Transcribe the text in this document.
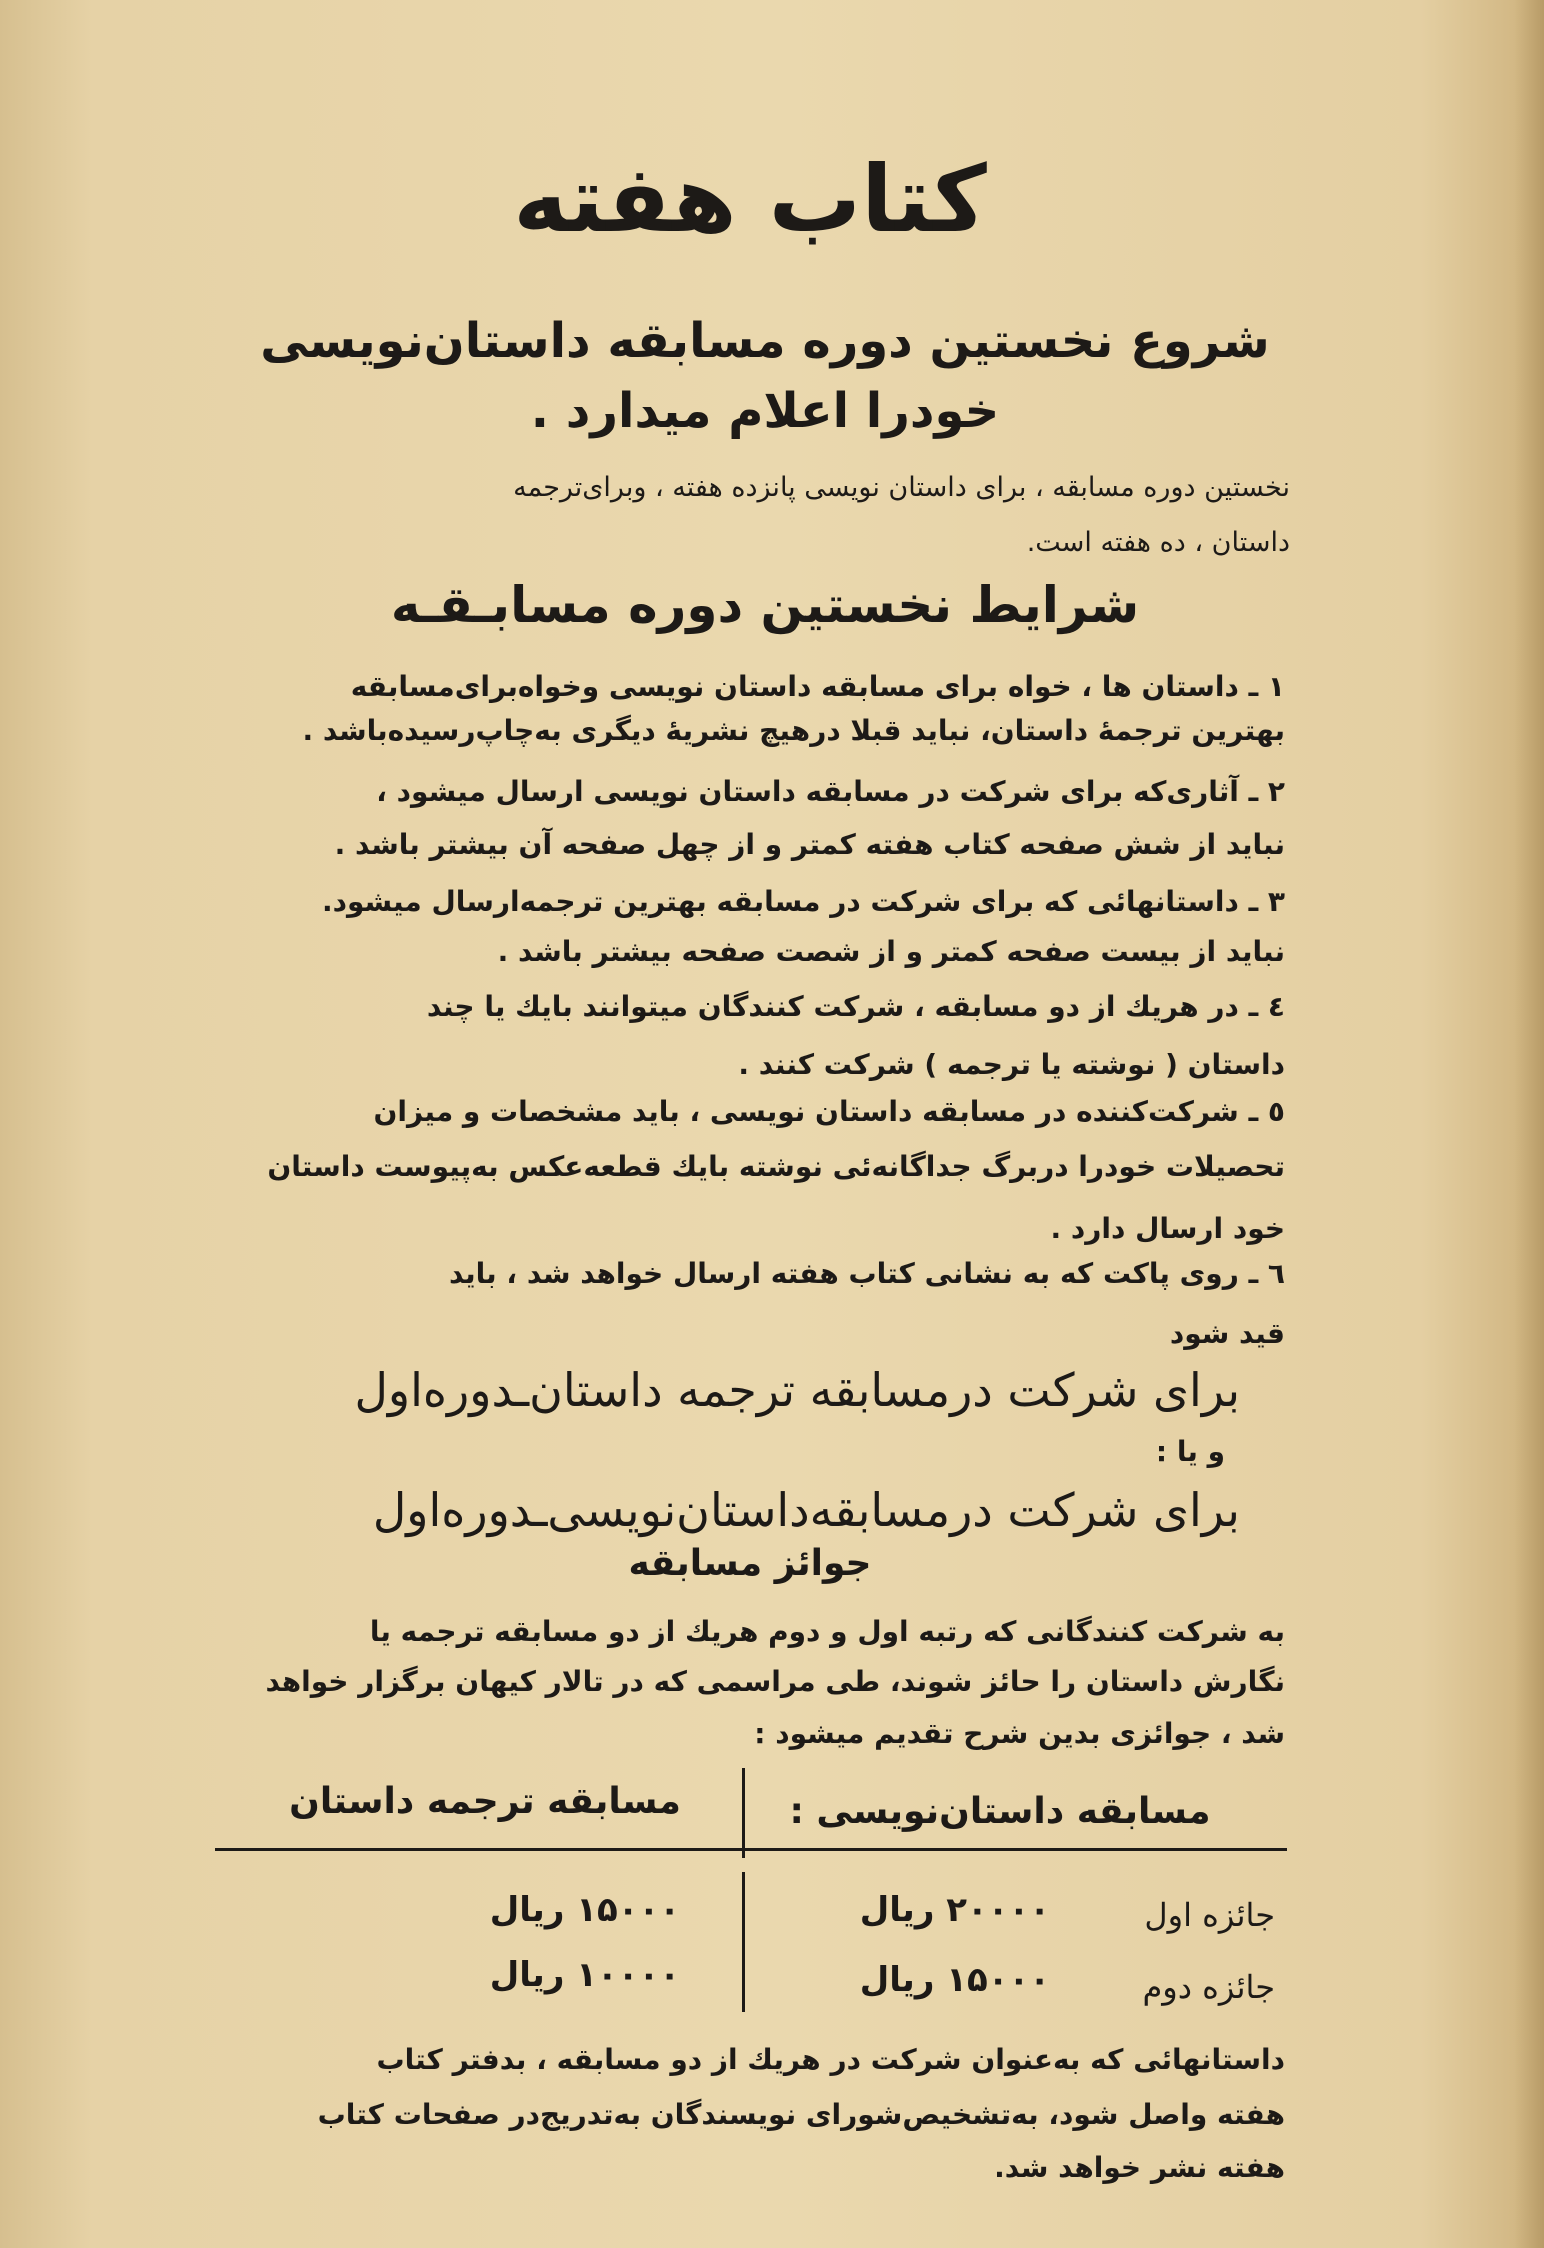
كتاب هفته
شروع نخستین دوره مسابقه داستان‌نویسی
خودرا اعلام میدارد .
نخستین دوره مسابقه ، برای داستان نویسی پانزده هفته ، وبرای‌ترجمه
داستان ، ده هفته است.
شرایط نخستین دوره مسابـقـه
۱ ـ داستان ها ، خواه برای مسابقه داستان نویسی وخواه‌برای‌مسابقه
بهترین ترجمهٔ داستان، نباید قبلا درهیچ نشریهٔ دیگری به‌چاپ‌رسیده‌باشد .
۲ ـ آثاری‌که برای شرکت در مسابقه داستان نویسی ارسال میشود ،
نباید از شش صفحه کتاب هفته کمتر و از چهل صفحه آن بیشتر باشد .
۳ ـ داستانهائی که برای شرکت در مسابقه بهترین ترجمه‌ارسال میشود.
نباید از بیست صفحه کمتر و از شصت صفحه بیشتر باشد .
٤ ـ در هریك از دو مسابقه ، شرکت کنندگان میتوانند بایك یا چند
داستان ( نوشته یا ترجمه ) شرکت کنند .
٥ ـ شرکت‌کننده در مسابقه داستان نویسی ، باید مشخصات و میزان
تحصیلات خودرا دربرگ جداگانه‌ئی نوشته بایك قطعه‌عکس به‌پیوست داستان
خود ارسال دارد .
٦ ـ روی پاکت که به نشانی کتاب هفته ارسال خواهد شد ، باید
قید شود
برای شرکت درمسابقه ترجمه داستان‌ـدوره‌اول
و یا :
برای شرکت درمسابقه‌داستان‌نویسی‌ـدوره‌اول
جوائز مسابقه
به شرکت کنندگانی که رتبه اول و دوم هریك از دو مسابقه ترجمه یا
نگارش داستان را حائز شوند، طی مراسمی که در تالار کیهان برگزار خواهد
شد ، جوائزی بدین شرح تقدیم میشود :
مسابقه داستان‌نویسی :
مسابقه ترجمه داستان
جائزه اول
۲۰۰۰۰ ریال
۱۵۰۰۰ ریال
جائزه دوم
۱۵۰۰۰ ریال
۱۰۰۰۰ ریال
داستانهائی که به‌عنوان شرکت در هریك از دو مسابقه ، بدفتر کتاب
هفته واصل شود، به‌تشخیص‌شورای نویسندگان به‌تدریج‌در صفحات کتاب
هفته نشر خواهد شد.
